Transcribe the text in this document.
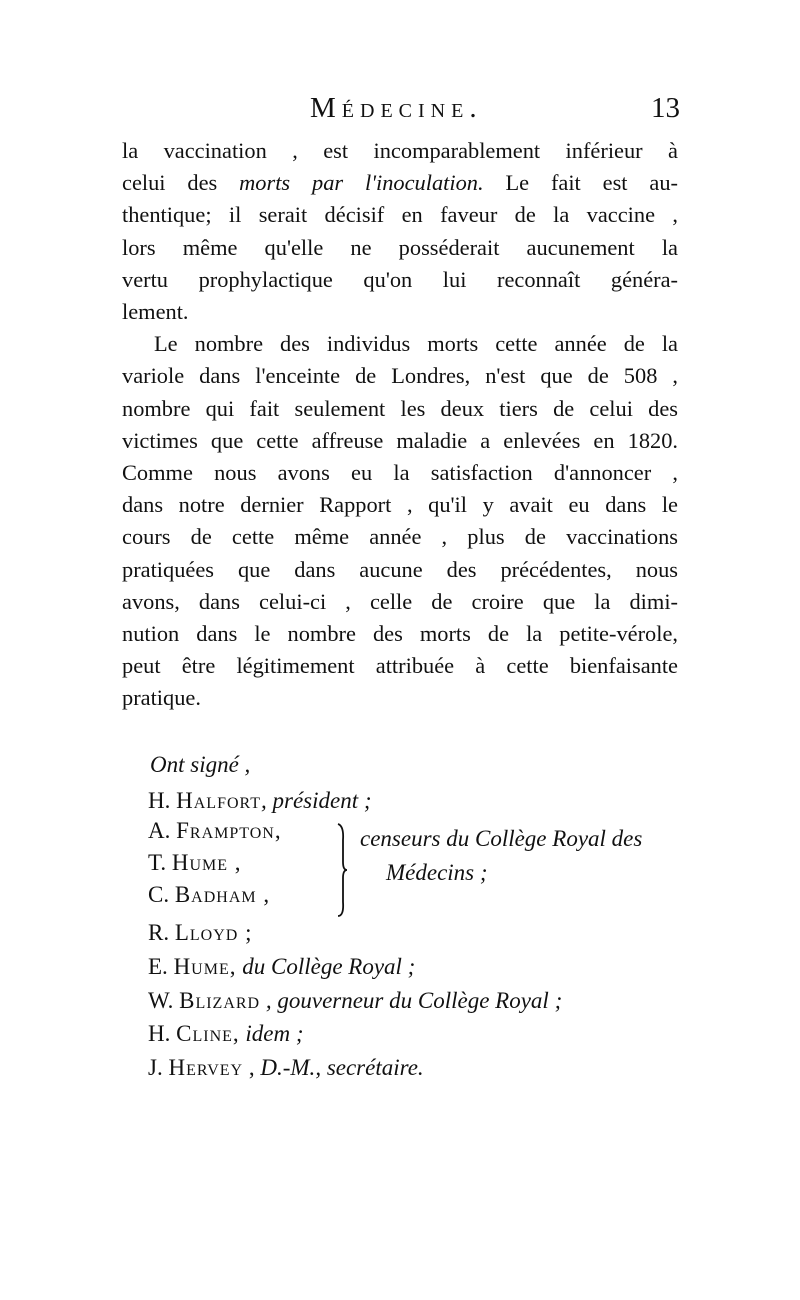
Médecine.	13
la vaccination , est incomparablement inférieur à
celui des morts par l'inoculation. Le fait est au-
thentique; il serait décisif en faveur de la vaccine ,
lors même qu'elle ne posséderait aucunement la
vertu prophylactique qu'on lui reconnaît généra-
lement.
Le nombre des individus morts cette année de la
variole dans l'enceinte de Londres, n'est que de 508 ,
nombre qui fait seulement les deux tiers de celui des
victimes que cette affreuse maladie a enlevées en 1820.
Comme nous avons eu la satisfaction d'annoncer ,
dans notre dernier Rapport , qu'il y avait eu dans le
cours de cette même année , plus de vaccinations
pratiquées que dans aucune des précédentes, nous
avons, dans celui-ci , celle de croire que la dimi-
nution dans le nombre des morts de la petite-vérole,
peut être légitimement attribuée à cette bienfaisante
pratique.
Ont signé ,
H. Halfort, président ;
A. Frampton,
T. Hume ,
C. Badham ,
censeurs du Collège Royal des
Médecins ;
R. Lloyd ;
E. Hume, du Collège Royal ;
W. Blizard , gouverneur du Collège Royal ;
H. Cline, idem ;
J. Hervey , D.-M., secrétaire.
